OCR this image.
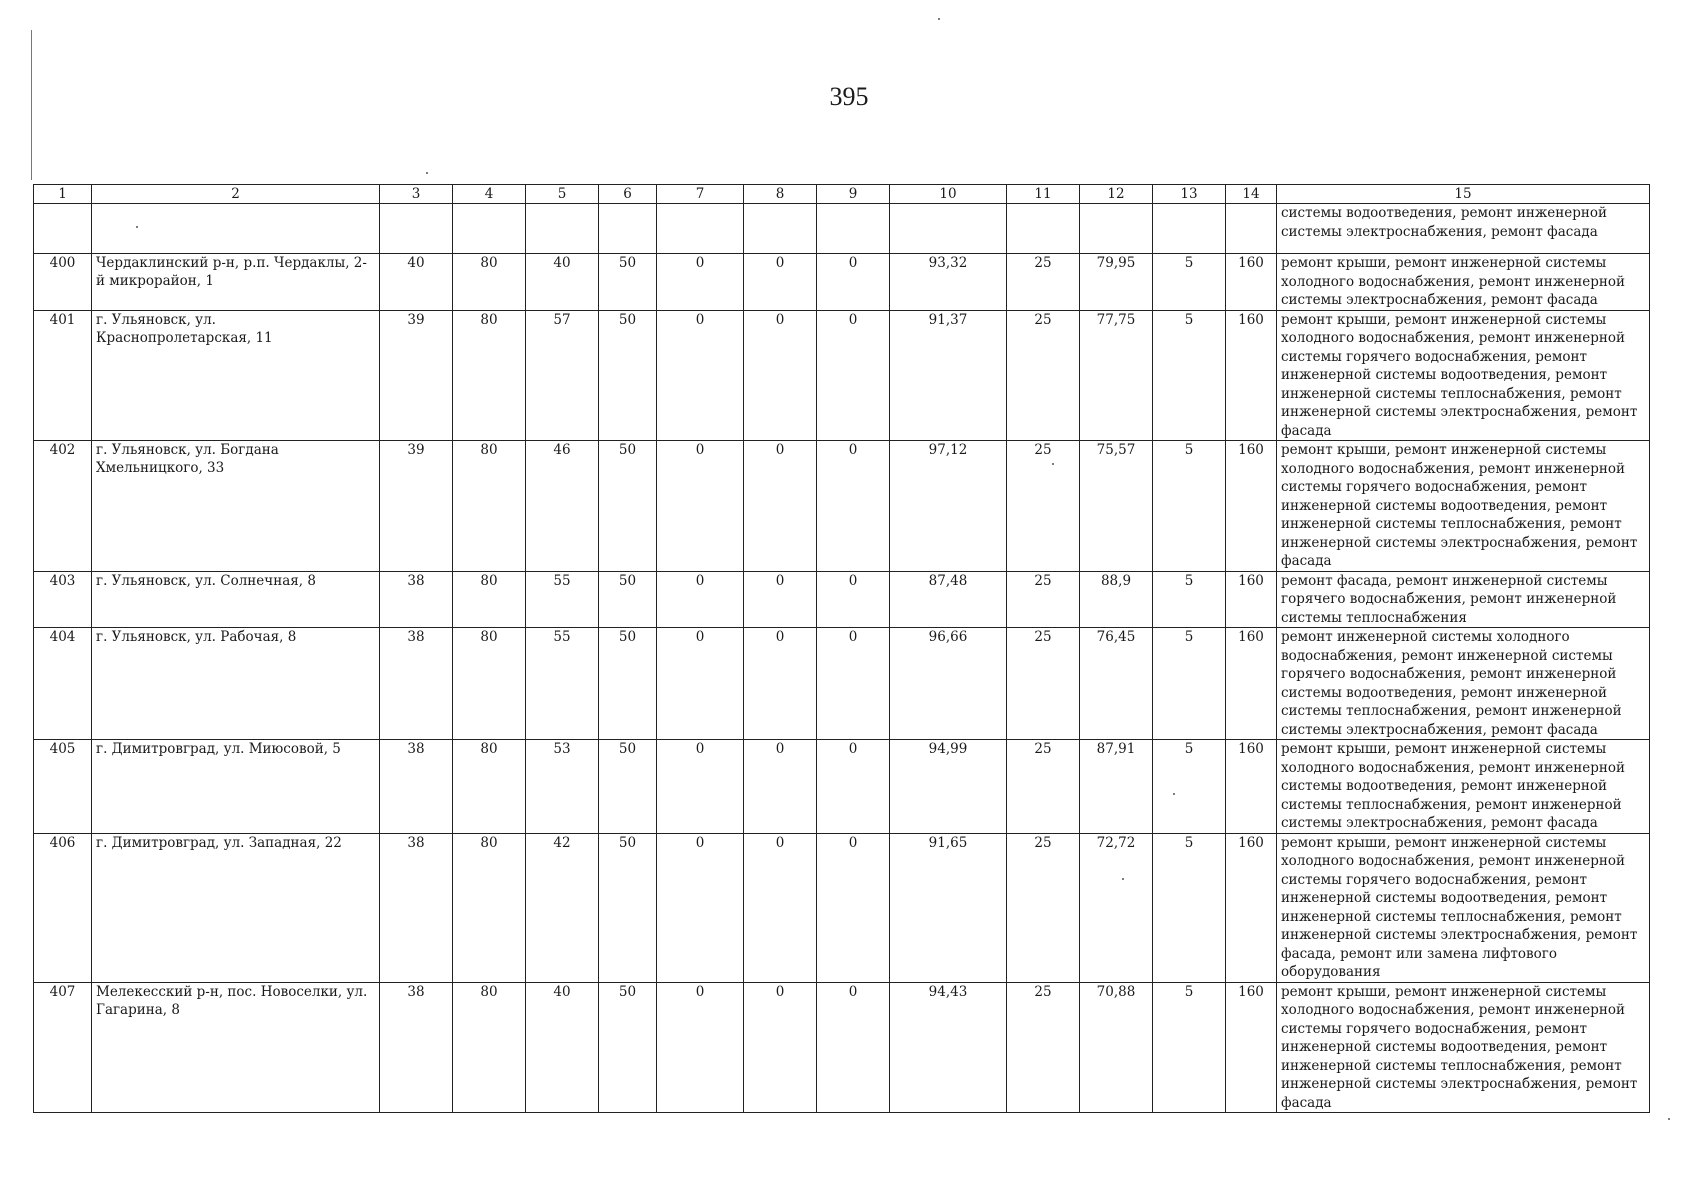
395
1	2	3	4	5	6	7	8	9	10	11	12	13	14	15
														системы водоотведения, ремонт инженерной системы электроснабжения, ремонт фасада
400	Чердаклинский р-н, р.п. Чердаклы, 2-й микрорайон, 1	40	80	40	50	0	0	0	93,32	25	79,95	5	160	ремонт крыши, ремонт инженерной системы холодного водоснабжения, ремонт инженерной системы электроснабжения, ремонт фасада
401	г. Ульяновск, ул. Краснопролетарская, 11	39	80	57	50	0	0	0	91,37	25	77,75	5	160	ремонт крыши, ремонт инженерной системы холодного водоснабжения, ремонт инженерной системы горячего водоснабжения, ремонт инженерной системы водоотведения, ремонт инженерной системы теплоснабжения, ремонт инженерной системы электроснабжения, ремонт фасада
402	г. Ульяновск, ул. Богдана Хмельницкого, 33	39	80	46	50	0	0	0	97,12	25	75,57	5	160	ремонт крыши, ремонт инженерной системы холодного водоснабжения, ремонт инженерной системы горячего водоснабжения, ремонт инженерной системы водоотведения, ремонт инженерной системы теплоснабжения, ремонт инженерной системы электроснабжения, ремонт фасада
403	г. Ульяновск, ул. Солнечная, 8	38	80	55	50	0	0	0	87,48	25	88,9	5	160	ремонт фасада, ремонт инженерной системы горячего водоснабжения, ремонт инженерной системы теплоснабжения
404	г. Ульяновск, ул. Рабочая, 8	38	80	55	50	0	0	0	96,66	25	76,45	5	160	ремонт инженерной системы холодного водоснабжения, ремонт инженерной системы горячего водоснабжения, ремонт инженерной системы водоотведения, ремонт инженерной системы теплоснабжения, ремонт инженерной системы электроснабжения, ремонт фасада
405	г. Димитровград, ул. Миюсовой, 5	38	80	53	50	0	0	0	94,99	25	87,91	5	160	ремонт крыши, ремонт инженерной системы холодного водоснабжения, ремонт инженерной системы водоотведения, ремонт инженерной системы теплоснабжения, ремонт инженерной системы электроснабжения, ремонт фасада
406	г. Димитровград, ул. Западная, 22	38	80	42	50	0	0	0	91,65	25	72,72	5	160	ремонт крыши, ремонт инженерной системы холодного водоснабжения, ремонт инженерной системы горячего водоснабжения, ремонт инженерной системы водоотведения, ремонт инженерной системы теплоснабжения, ремонт инженерной системы электроснабжения, ремонт фасада, ремонт или замена лифтового оборудования
407	Мелекесский р-н, пос. Новоселки, ул. Гагарина, 8	38	80	40	50	0	0	0	94,43	25	70,88	5	160	ремонт крыши, ремонт инженерной системы холодного водоснабжения, ремонт инженерной системы горячего водоснабжения, ремонт инженерной системы водоотведения, ремонт инженерной системы теплоснабжения, ремонт инженерной системы электроснабжения, ремонт фасада
